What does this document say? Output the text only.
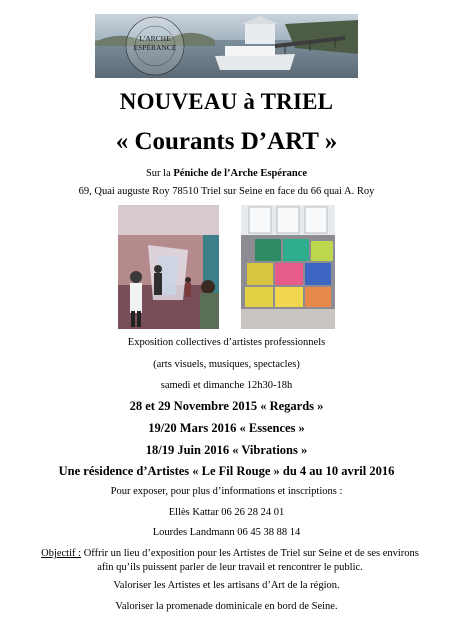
L'ARCHE ESPÉRANCE
NOUVEAU à TRIEL
« Courants D’ART »
Sur la Péniche de l’Arche Espérance
69, Quai auguste Roy 78510 Triel sur Seine en face du 66 quai A. Roy
Exposition collectives d’artistes professionnels
(arts visuels, musiques, spectacles)
samedi et dimanche 12h30-18h
28 et 29 Novembre 2015 « Regards »
19/20 Mars 2016 « Essences »
18/19 Juin 2016 « Vibrations »
Une résidence d’Artistes « Le Fil Rouge » du 4 au 10 avril 2016
Pour exposer, pour plus d’informations et inscriptions :
Ellès Kattar 06 26 28 24 01
Lourdes Landmann 06 45 38 88 14
Objectif : Offrir un lieu d’exposition pour les Artistes de Triel sur Seine et de ses environs afin qu’ils puissent parler de leur travail et rencontrer le public.
Valoriser les Artistes et les artisans d’Art de la région.
Valoriser la promenade dominicale en bord de Seine.
